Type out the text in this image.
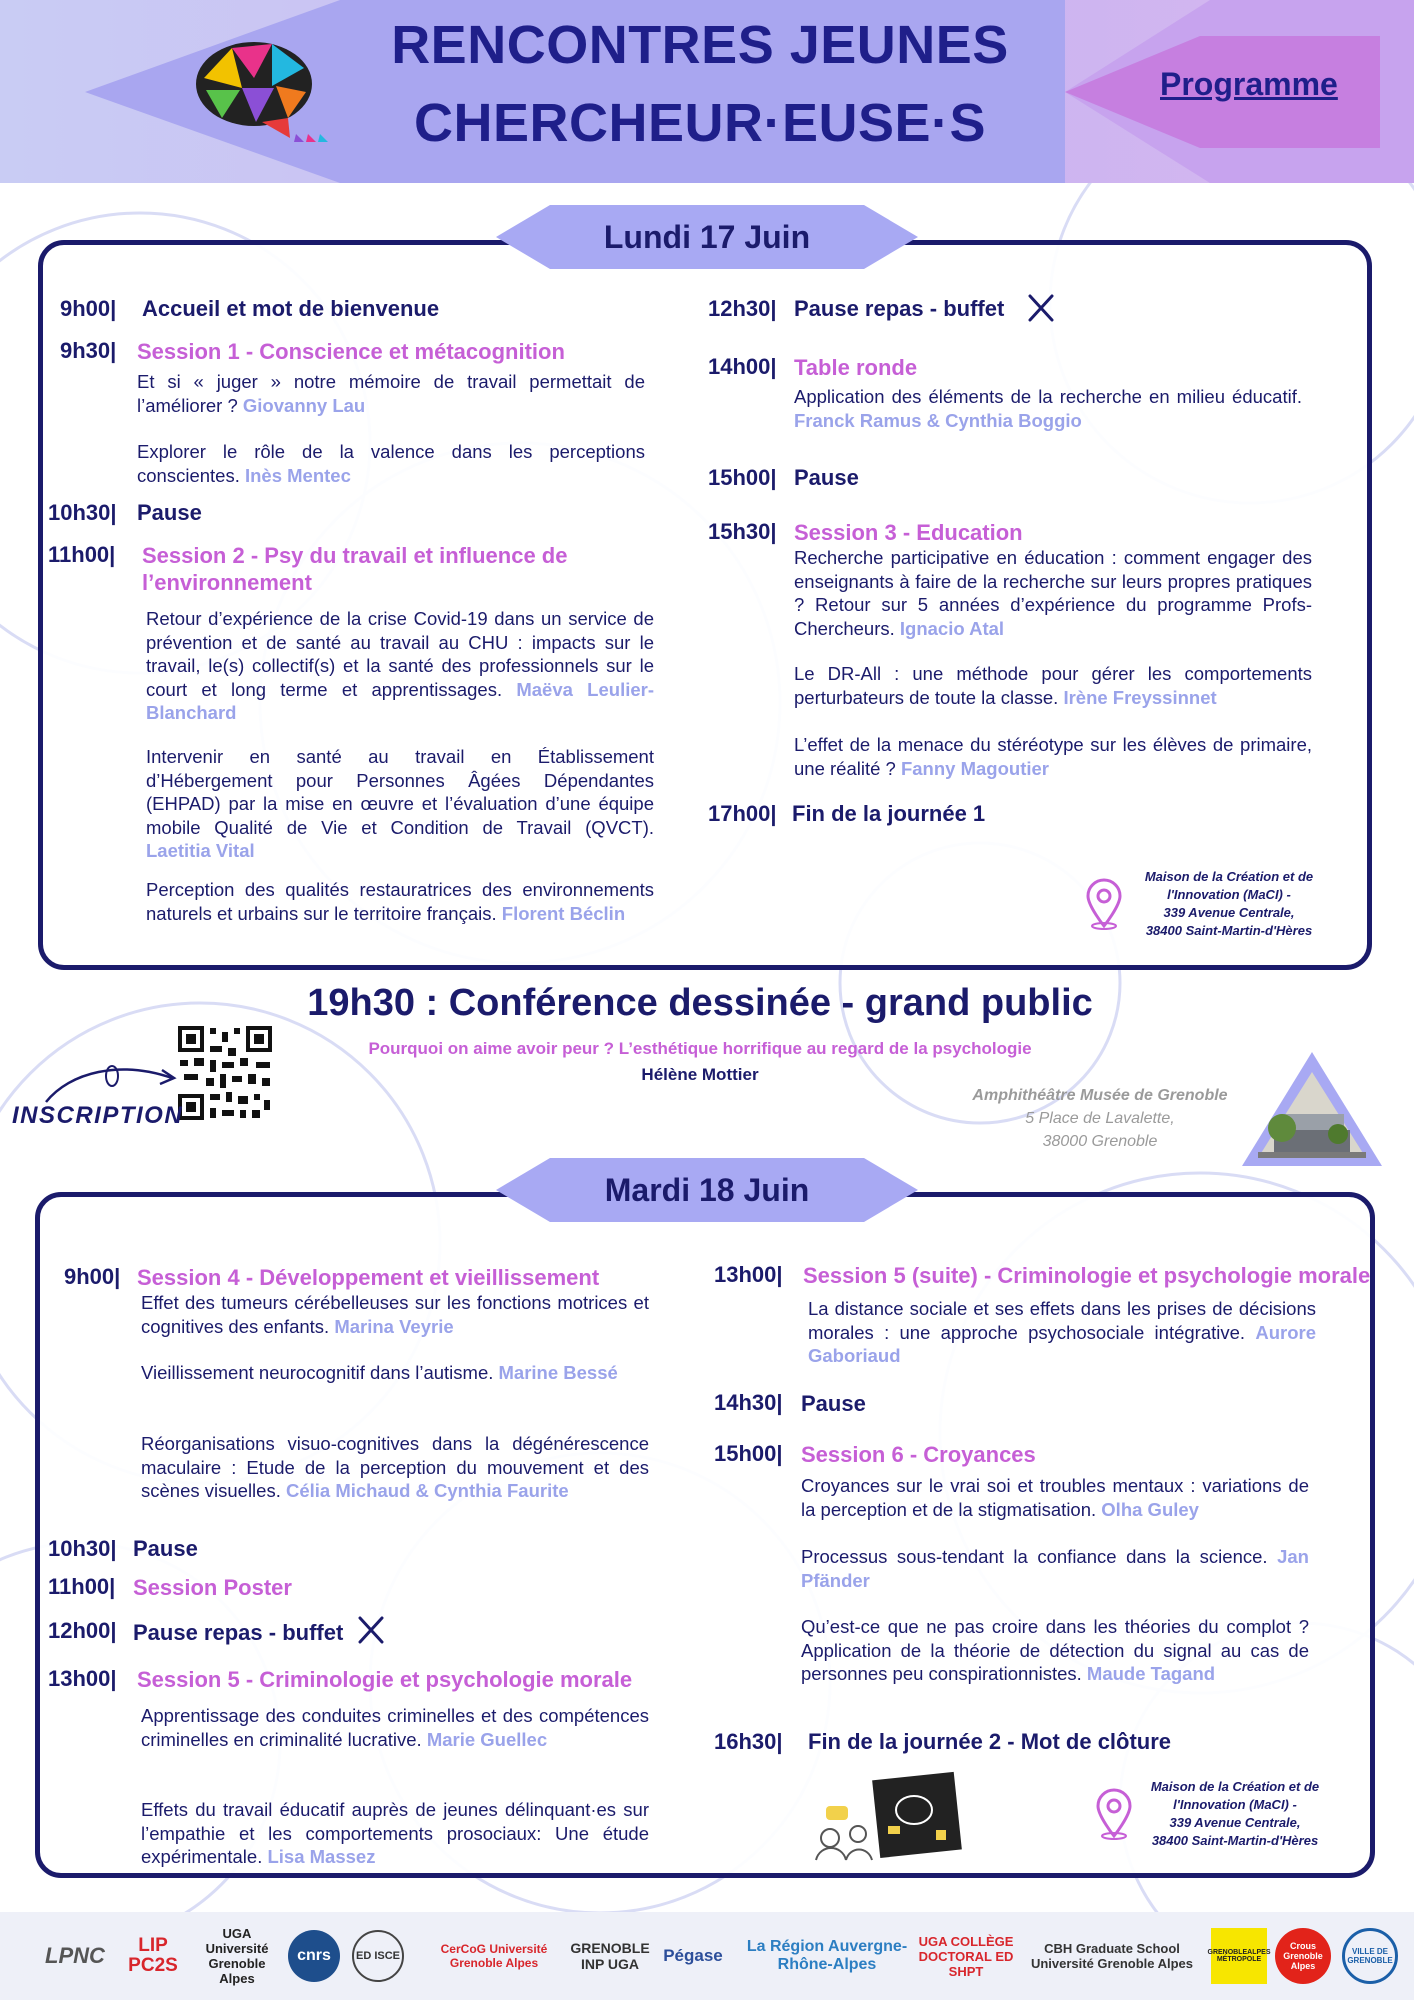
RENCONTRES JEUNES
CHERCHEUR·EUSE·S
Programme
Lundi 17 Juin
9h00| Accueil et mot de bienvenue
9h30| Session 1 - Conscience et métacognition
Et si « juger » notre mémoire de travail permettait de l’améliorer ? Giovanny Lau
Explorer le rôle de la valence dans les perceptions conscientes. Inès Mentec
10h30| Pause
11h00| Session 2 - Psy du travail et influence de l’environnement
Retour d’expérience de la crise Covid-19 dans un service de prévention et de santé au travail au CHU : impacts sur le travail, le(s) collectif(s) et la santé des professionnels sur le court et long terme et apprentissages. Maëva Leulier-Blanchard
Intervenir en santé au travail en Établissement d’Hébergement pour Personnes Âgées Dépendantes (EHPAD) par la mise en œuvre et l’évaluation d’une équipe mobile Qualité de Vie et Condition de Travail (QVCT). Laetitia Vital
Perception des qualités restauratrices des environnements naturels et urbains sur le territoire français. Florent Béclin
12h30| Pause repas - buffet
14h00| Table ronde
Application des éléments de la recherche en milieu éducatif. Franck Ramus & Cynthia Boggio
15h00| Pause
15h30| Session 3 - Education
Recherche participative en éducation : comment engager des enseignants à faire de la recherche sur leurs propres pratiques ? Retour sur 5 années d’expérience du programme Profs-Chercheurs. Ignacio Atal
Le DR-All : une méthode pour gérer les comportements perturbateurs de toute la classe. Irène Freyssinnet
L’effet de la menace du stéréotype sur les élèves de primaire, une réalité ? Fanny Magoutier
17h00| Fin de la journée 1
Maison de la Création et de
l'Innovation (MaCI) -
339 Avenue Centrale,
38400 Saint-Martin-d'Hères
19h30 : Conférence dessinée - grand public
Pourquoi on aime avoir peur ? L’esthétique horrifique au regard de la psychologie
Hélène Mottier
INSCRIPTION
Amphithéâtre Musée de Grenoble
5 Place de Lavalette,
38000 Grenoble
Mardi 18 Juin
9h00| Session 4 - Développement et vieillissement
Effet des tumeurs cérébelleuses sur les fonctions motrices et cognitives des enfants. Marina Veyrie
Vieillissement neurocognitif dans l’autisme. Marine Bessé
Réorganisations visuo-cognitives dans la dégénérescence maculaire : Etude de la perception du mouvement et des scènes visuelles. Célia Michaud & Cynthia Faurite
10h30| Pause
11h00| Session Poster
12h00| Pause repas - buffet
13h00| Session 5 - Criminologie et psychologie morale
Apprentissage des conduites criminelles et des compétences criminelles en criminalité lucrative. Marie Guellec
Effets du travail éducatif auprès de jeunes délinquant·es sur l’empathie et les comportements prosociaux: Une étude expérimentale. Lisa Massez
13h00| Session 5 (suite) - Criminologie et psychologie morale
La distance sociale et ses effets dans les prises de décisions morales : une approche psychosociale intégrative. Aurore Gaboriaud
14h30| Pause
15h00| Session 6 - Croyances
Croyances sur le vrai soi et troubles mentaux : variations de la perception et de la stigmatisation. Olha Guley
Processus sous-tendant la confiance dans la science. Jan Pfänder
Qu’est-ce que ne pas croire dans les théories du complot ? Application de la théorie de détection du signal au cas de personnes peu conspirationnistes. Maude Tagand
16h30| Fin de la journée 2 - Mot de clôture
Maison de la Création et de
l'Innovation (MaCI) -
339 Avenue Centrale,
38400 Saint-Martin-d'Hères
LPNC	LIP PC2S
UGA Université Grenoble Alpes
cnrs	ED ISCE	CerCoG Université Grenoble Alpes
GRENOBLE INP UGA	Pégase	La Région Auvergne-Rhône-Alpes
UGA COLLÈGE DOCTORAL ED SHPT
CBH Graduate School Université Grenoble Alpes
GRENOBLEALPES MÉTROPOLE
Crous Grenoble Alpes
VILLE DE GRENOBLE
